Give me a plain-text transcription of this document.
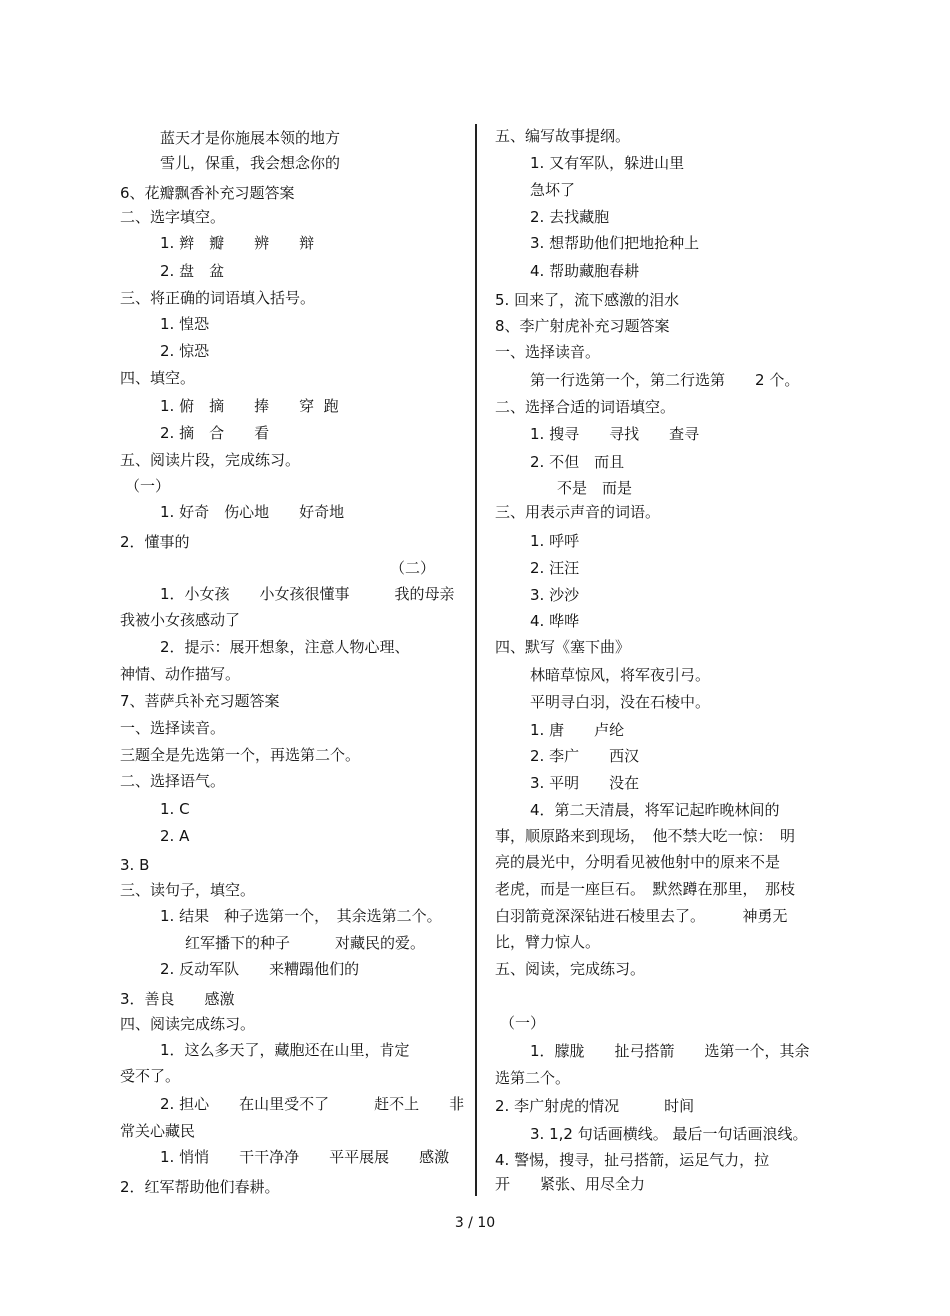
蓝天才是你施展本领的地方
雪儿，保重，我会想念你的
6、花瓣飘香补充习题答案
二、选字填空。
1. 辫　瓣　　辨　　辩
2. 盘　盆
三、将正确的词语填入括号。
1. 惶恐
2. 惊恐
四、填空。
1. 俯　摘　　捧　　穿  跑
2. 摘　合　　看
五、阅读片段，完成练习。
（一）
1. 好奇　伤心地　　好奇地
2．懂事的
（二）
1．小女孩　　小女孩很懂事　　　我的母亲
我被小女孩感动了
2．提示：展开想象，注意人物心理、
神情、动作描写。
7、菩萨兵补充习题答案
一、选择读音。
三题全是先选第一个，再选第二个。
二、选择语气。
1. C
2. A
3. B
三、读句子，填空。
1. 结果　种子选第一个，　其余选第二个。
红军播下的种子　　　对藏民的爱。
2. 反动军队　　来糟蹋他们的
3．善良　　感激
四、阅读完成练习。
1．这么多天了，藏胞还在山里，肯定
受不了。
2. 担心　　在山里受不了　　　赶不上　　非
常关心藏民
1. 悄悄　　干干净净　　平平展展　　感激
2．红军帮助他们春耕。
五、编写故事提纲。
1. 又有军队，躲进山里
急坏了
2. 去找藏胞
3. 想帮助他们把地抢种上
4. 帮助藏胞春耕
5. 回来了，流下感激的泪水
8、李广射虎补充习题答案
一、选择读音。
第一行选第一个，第二行选第　　2 个。
二、选择合适的词语填空。
1. 搜寻　　寻找　　查寻
2. 不但　而且
不是　而是
三、用表示声音的词语。
1. 呼呼
2. 汪汪
3. 沙沙
4. 哗哗
四、默写《塞下曲》
林暗草惊风，将军夜引弓。
平明寻白羽，没在石棱中。
1. 唐　　卢纶
2. 李广　　西汉
3. 平明　　没在
4．第二天清晨，将军记起昨晚林间的
事，顺原路来到现场，　他不禁大吃一惊：　明
亮的晨光中，分明看见被他射中的原来不是
老虎，而是一座巨石。　默然蹲在那里，　那枝
白羽箭竟深深钻进石棱里去了。　　　神勇无
比，臂力惊人。
五、阅读，完成练习。
（一）
1．朦胧　　扯弓搭箭　　选第一个，其余
选第二个。
2. 李广射虎的情况　　　时间
3. 1,2 句话画横线。 最后一句话画浪线。
4. 警惕，搜寻，扯弓搭箭，运足气力，拉
开　　紧张、用尽全力
3 / 10
